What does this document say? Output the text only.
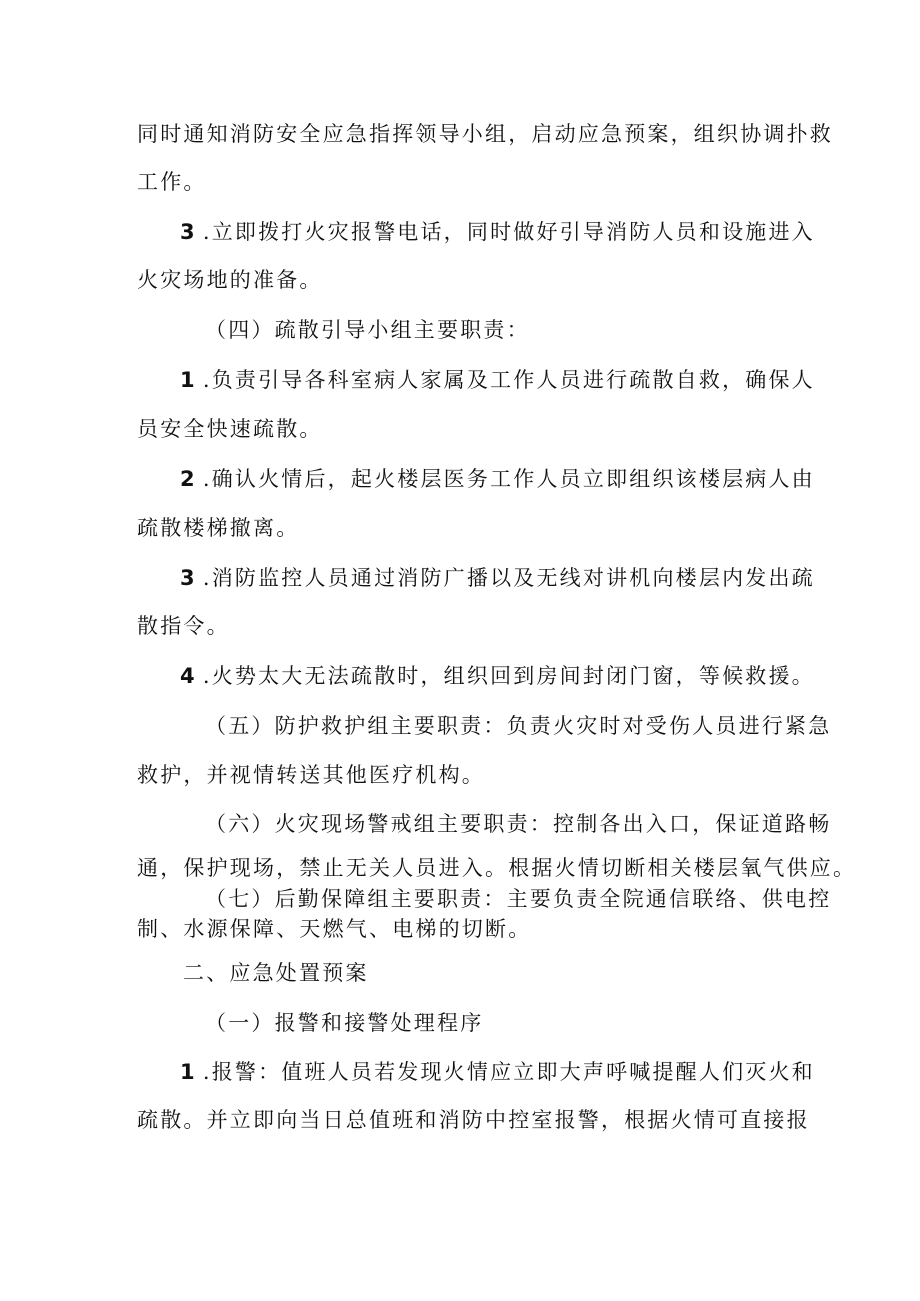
同时通知消防安全应急指挥领导小组，启动应急预案，组织协调扑救
工作。
3 .立即拨打火灾报警电话，同时做好引导消防人员和设施进入
火灾场地的准备。
（四）疏散引导小组主要职责：
1 .负责引导各科室病人家属及工作人员进行疏散自救，确保人
员安全快速疏散。
2 .确认火情后，起火楼层医务工作人员立即组织该楼层病人由
疏散楼梯撤离。
3 .消防监控人员通过消防广播以及无线对讲机向楼层内发出疏
散指令。
4 .火势太大无法疏散时，组织回到房间封闭门窗，等候救援。
（五）防护救护组主要职责：负责火灾时对受伤人员进行紧急
救护，并视情转送其他医疗机构。
（六）火灾现场警戒组主要职责：控制各出入口，保证道路畅
通，保护现场，禁止无关人员进入。根据火情切断相关楼层氧气供应。
（七）后勤保障组主要职责：主要负责全院通信联络、供电控
制、水源保障、天燃气、电梯的切断。
二、应急处置预案
（一）报警和接警处理程序
1 .报警：值班人员若发现火情应立即大声呼喊提醒人们灭火和
疏散。并立即向当日总值班和消防中控室报警，根据火情可直接报
